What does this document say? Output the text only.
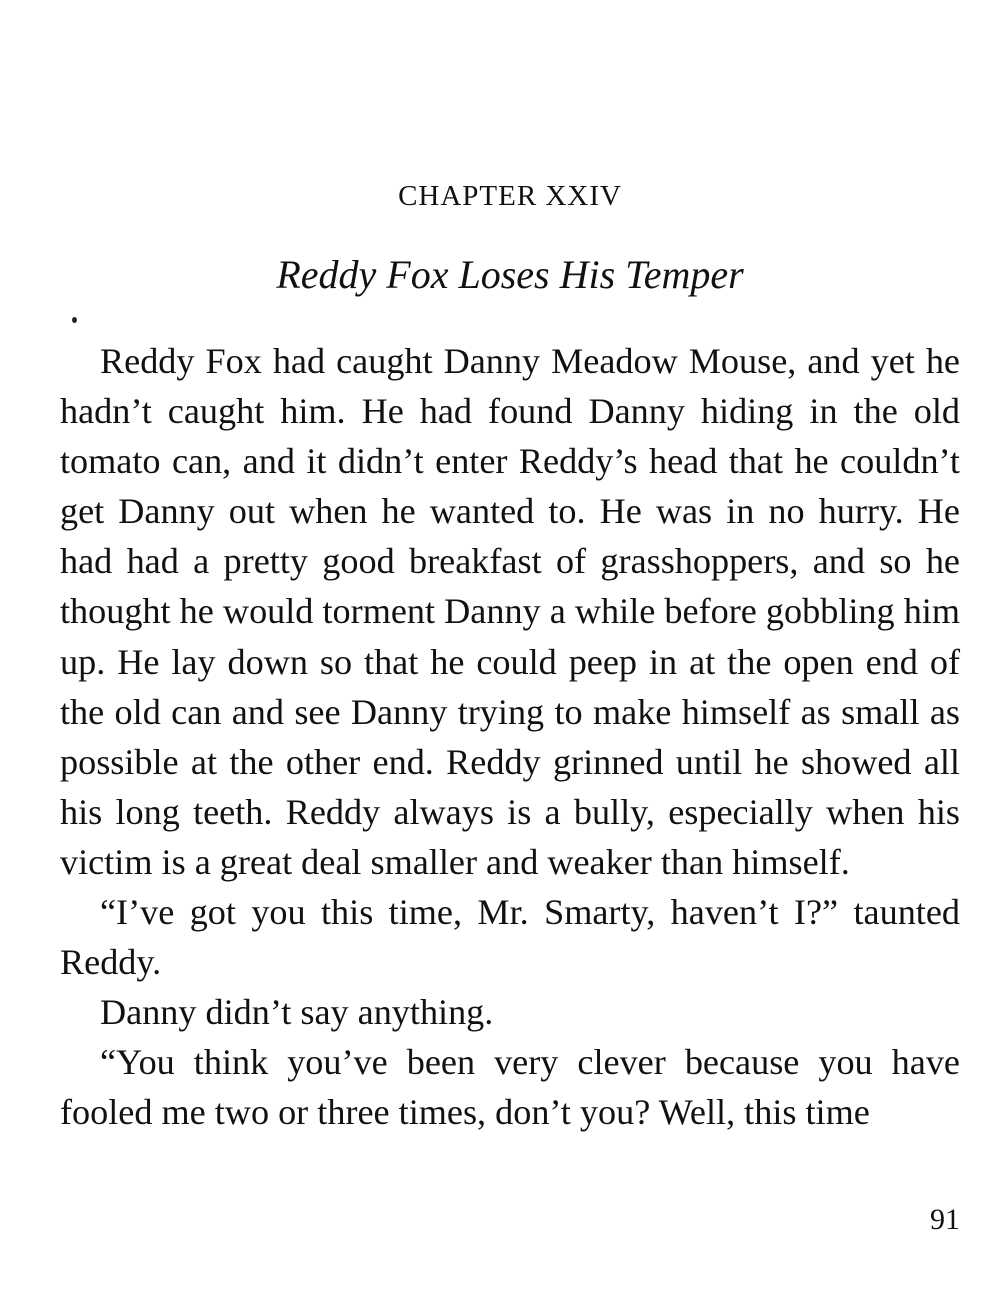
CHAPTER XXIV
Reddy Fox Loses His Temper

Reddy Fox had caught Danny Meadow Mouse, and yet he hadn’t caught him. He had found Danny hiding in the old tomato can, and it didn’t enter Reddy’s head that he couldn’t get Danny out when he wanted to. He was in no hurry. He had had a pretty good breakfast of grasshoppers, and so he thought he would torment Danny a while before gobbling him up. He lay down so that he could peep in at the open end of the old can and see Danny trying to make himself as small as possible at the other end. Reddy grinned until he showed all his long teeth. Reddy always is a bully, especially when his victim is a great deal smaller and weaker than himself.

“I’ve got you this time, Mr. Smarty, haven’t I?” taunted Reddy.

Danny didn’t say anything.

“You think you’ve been very clever because you have fooled me two or three times, don’t you? Well, this time

91
